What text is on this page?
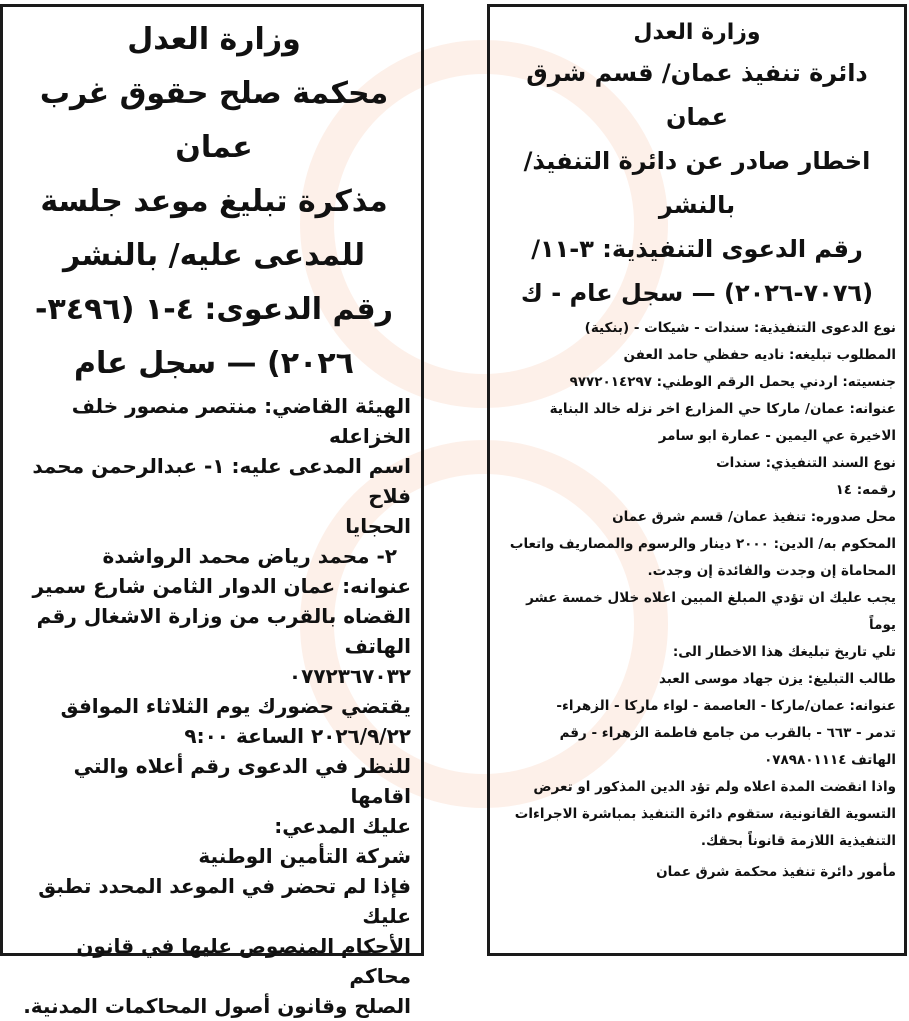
وزارة العدل

محكمة صلح حقوق غرب

عمان

مذكرة تبليغ موعد جلسة

للمدعى عليه/ بالنشر

رقم الدعوى: ٤-١ (٣٤٩٦-

٢٠٢٦) — سجل عام

الهيئة القاضي: منتصر منصور خلف

الخزاعله

اسم المدعى عليه: ١- عبدالرحمن محمد فلاح

الحجايا

٢- محمد رياض محمد الرواشدة

عنوانه: عمان الدوار الثامن شارع سمير

القضاه بالقرب من وزارة الاشغال رقم الهاتف

٠٧٧٢٣٦٧٠٣٢

يقتضي حضورك يوم الثلاثاء الموافق

٢٠٢٦/٩/٢٢ الساعة ٩:٠٠

للنظر في الدعوى رقم أعلاه والتي اقامها

عليك المدعي:

شركة التأمين الوطنية

فإذا لم تحضر في الموعد المحدد تطبق عليك

الأحكام المنصوص عليها في قانون محاكم

الصلح وقانون أصول المحاكمات المدنية.

وزارة العدل

دائرة تنفيذ عمان/ قسم شرق عمان

اخطار صادر عن دائرة التنفيذ/

بالنشر

رقم الدعوى التنفيذية: ٣-١١/

(٧٠٧٦-٢٠٢٦) — سجل عام - ك

نوع الدعوى التنفيذية: سندات - شيكات - (بنكية)

المطلوب تبليغه: ناديه حفظي حامد العفن

جنسيته: اردني يحمل الرقم الوطني: ٩٧٧٢٠١٤٢٩٧

عنوانه: عمان/ ماركا حي المزارع اخر نزله خالد البناية

الاخيرة عي اليمين - عمارة ابو سامر

نوع السند التنفيذي: سندات

رقمه: ١٤

محل صدوره: تنفيذ عمان/ قسم شرق عمان

المحكوم به/ الدين: ٢٠٠٠ دينار والرسوم والمصاريف واتعاب

المحاماة إن وجدت والفائدة إن وجدت.

يجب عليك ان تؤدي المبلغ المبين اعلاه خلال خمسة عشر يوماً

تلي تاريخ تبليغك هذا الاخطار الى:

طالب التبليغ: يزن جهاد موسى العبد

عنوانه: عمان/ماركا - العاصمة - لواء ماركا - الزهراء-

تدمر - ٦٦٣ - بالقرب من جامع فاطمة الزهراء - رقم

الهاتف ٠٧٨٩٨٠١١١٤

واذا انقضت المدة اعلاه ولم تؤد الدين المذكور او تعرض

التسوية القانونية، ستقوم دائرة التنفيذ بمباشرة الاجراءات

التنفيذية اللازمة قانوناً بحقك.

مأمور دائرة تنفيذ محكمة شرق عمان
